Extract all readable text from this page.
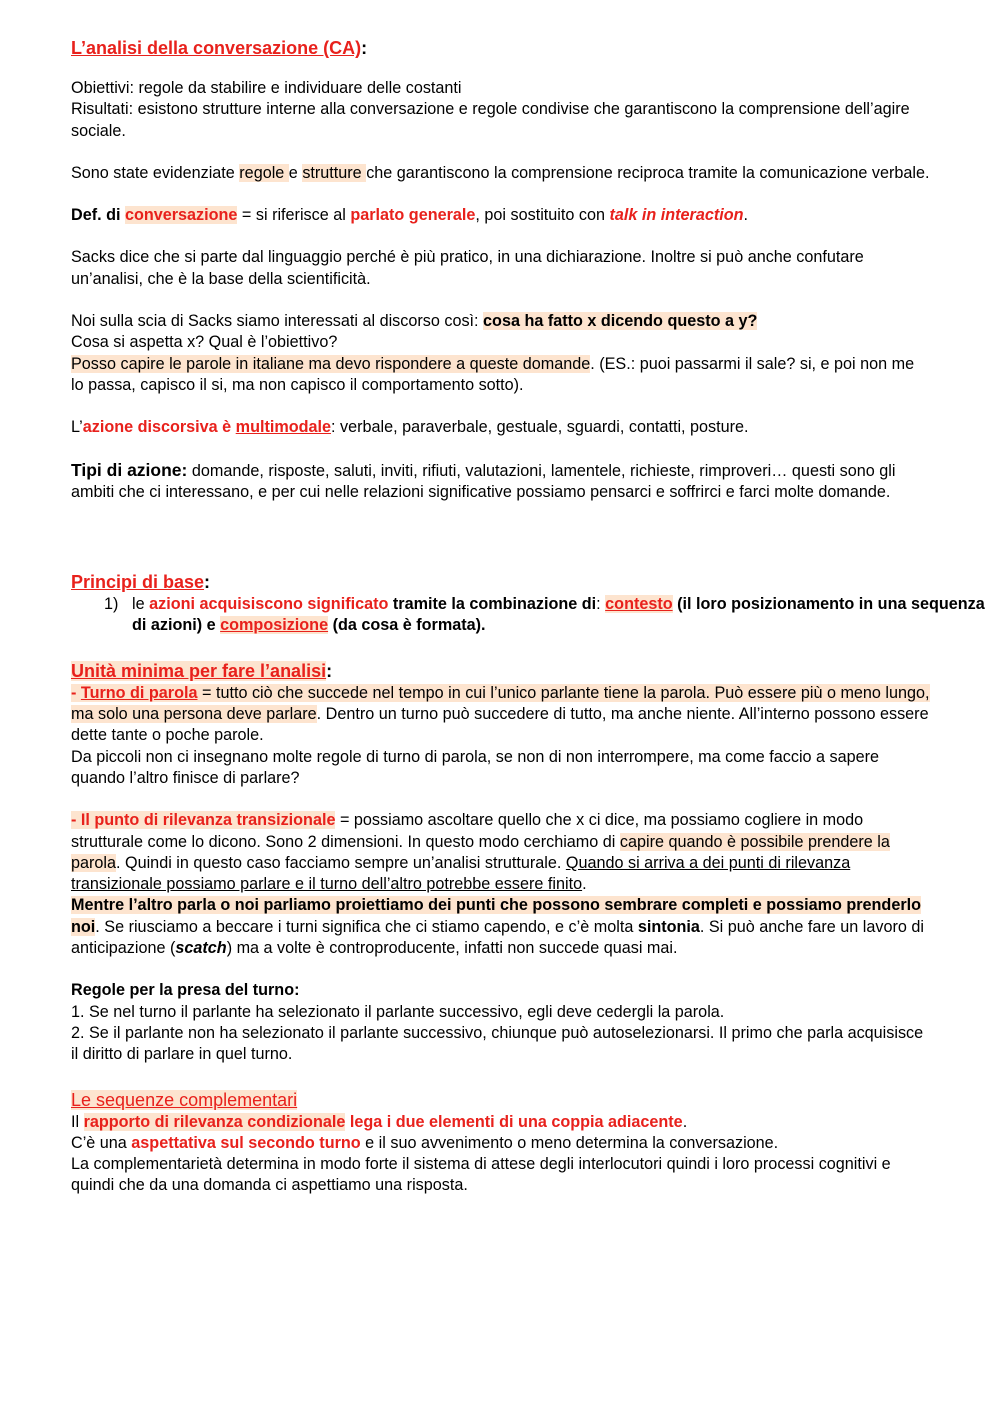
L’analisi della conversazione (CA):

Obiettivi: regole da stabilire e individuare delle costanti

Risultati: esistono strutture interne alla conversazione e regole condivise che garantiscono la comprensione dell’agire sociale.

Sono state evidenziate regole e strutture che garantiscono la comprensione reciproca tramite la comunicazione verbale.

Def. di conversazione = si riferisce al parlato generale, poi sostituito con talk in interaction.

Sacks dice che si parte dal linguaggio perché è più pratico, in una dichiarazione. Inoltre si può anche confutare un’analisi, che è la base della scientificità.

Noi sulla scia di Sacks siamo interessati al discorso così: cosa ha fatto x dicendo questo a y?

Cosa si aspetta x? Qual è l’obiettivo?

Posso capire le parole in italiane ma devo rispondere a queste domande. (ES.: puoi passarmi il sale? si, e poi non me lo passa, capisco il si, ma non capisco il comportamento sotto).

L’azione discorsiva è multimodale: verbale, paraverbale, gestuale, sguardi, contatti, posture.

Tipi di azione: domande, risposte, saluti, inviti, rifiuti, valutazioni, lamentele, richieste, rimproveri… questi sono gli ambiti che ci interessano, e per cui nelle relazioni significative possiamo pensarci e soffrirci e farci molte domande.

Principi di base:

1) le azioni acquisiscono significato tramite la combinazione di: contesto (il loro posizionamento in una sequenza di azioni) e composizione (da cosa è formata).

Unità minima per fare l’analisi:

- Turno di parola = tutto ciò che succede nel tempo in cui l’unico parlante tiene la parola. Può essere più o meno lungo, ma solo una persona deve parlare. Dentro un turno può succedere di tutto, ma anche niente. All’interno possono essere dette tante o poche parole.

Da piccoli non ci insegnano molte regole di turno di parola, se non di non interrompere, ma come faccio a sapere quando l’altro finisce di parlare?

- Il punto di rilevanza transizionale = possiamo ascoltare quello che x ci dice, ma possiamo cogliere in modo strutturale come lo dicono. Sono 2 dimensioni. In questo modo cerchiamo di capire quando è possibile prendere la parola. Quindi in questo caso facciamo sempre un’analisi strutturale. Quando si arriva a dei punti di rilevanza transizionale possiamo parlare e il turno dell’altro potrebbe essere finito.

Mentre l’altro parla o noi parliamo proiettiamo dei punti che possono sembrare completi e possiamo prenderlo noi. Se riusciamo a beccare i turni significa che ci stiamo capendo, e c’è molta sintonia. Si può anche fare un lavoro di anticipazione (scatch) ma a volte è controproducente, infatti non succede quasi mai.

Regole per la presa del turno:

1. Se nel turno il parlante ha selezionato il parlante successivo, egli deve cedergli la parola.

2. Se il parlante non ha selezionato il parlante successivo, chiunque può autoselezionarsi. Il primo che parla acquisisce il diritto di parlare in quel turno.

Le sequenze complementari

Il rapporto di rilevanza condizionale lega i due elementi di una coppia adiacente.

C’è una aspettativa sul secondo turno e il suo avvenimento o meno determina la conversazione.

La complementarietà determina in modo forte il sistema di attese degli interlocutori quindi i loro processi cognitivi e quindi che da una domanda ci aspettiamo una risposta.
